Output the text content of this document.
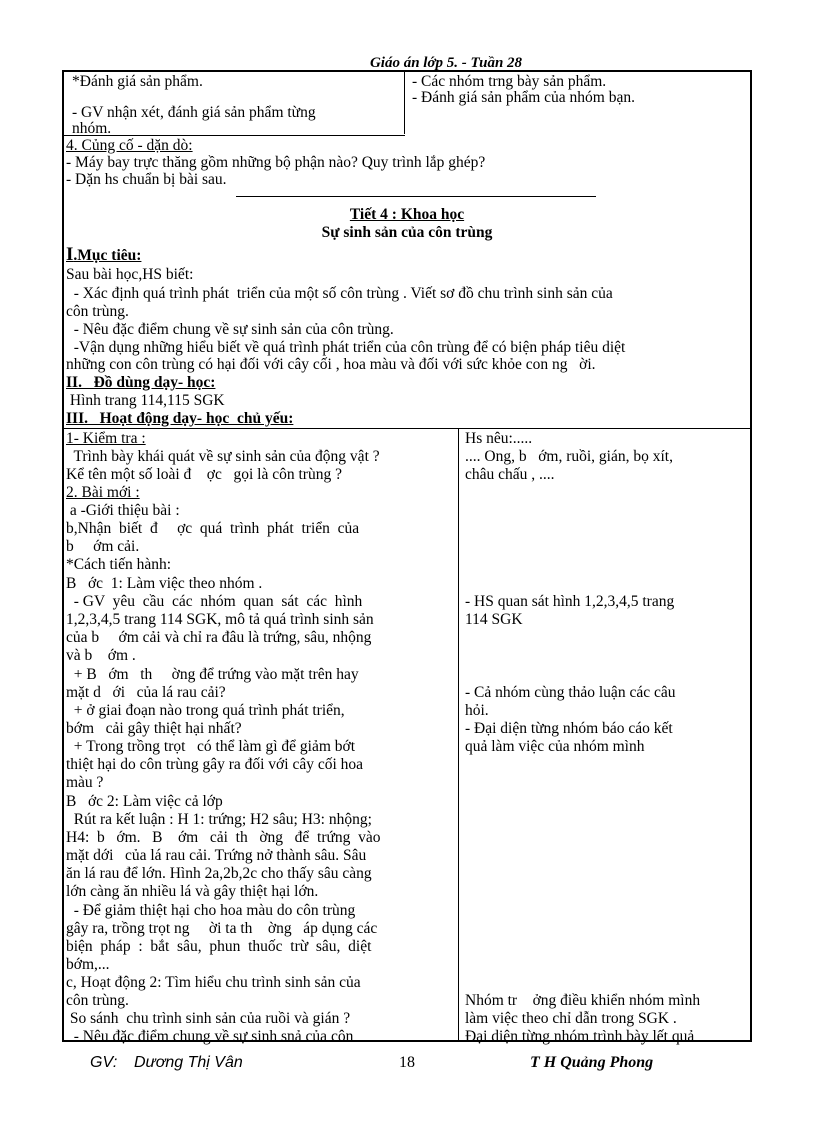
Giáo án lớp 5. - Tuần 28
*Đánh giá sản phẩm.
- GV nhận xét, đánh giá sản phẩm từng
nhóm.
- Các nhóm trng bày sản phẩm.
- Đánh giá sản phẩm của nhóm bạn.
4. Củng cố - dặn dò:
- Máy bay trực thăng gồm những bộ phận nào? Quy trình lắp ghép?
- Dặn hs chuẩn bị bài sau.
Tiết 4 : Khoa học
Sự sinh sản của côn trùng
I.Mục tiêu:
Sau bài học,HS biết:
- Xác định quá trình phát  triển của một số côn trùng . Viết sơ đồ chu trình sinh sản của
côn trùng.
- Nêu đặc điểm chung về sự sinh sản của côn trùng.
-Vận dụng những hiểu biết về quá trình phát triển của côn trùng để có biện pháp tiêu diệt
những con côn trùng có hại đối với cây cối , hoa màu và đối với sức khỏe con ng   ời.
II.   Đồ dùng dạy- học:
Hình trang 114,115 SGK
III.   Hoạt động dạy- học  chủ yếu:
1- Kiểm tra :
Trình bày khái quát về sự sinh sản của động vật ?
Kể tên một số loài đ    ợc   gọi là côn trùng ?
2. Bài mới :
a -Giới thiệu bài :
b,Nhận  biết  đ     ợc  quá  trình  phát  triển  của
b     ớm cải.
*Cách tiến hành:
B   ớc  1: Làm việc theo nhóm .
- GV  yêu  cầu  các  nhóm  quan  sát  các  hình
1,2,3,4,5 trang 114 SGK, mô tả quá trình sinh sản
của b     ớm cải và chỉ ra đâu là trứng, sâu, nhộng
và b    ớm .
+ B   ớm   th     ờng để trứng vào mặt trên hay
mặt d   ới   của lá rau cải?
+ ở giai đoạn nào trong quá trình phát triển,
bớm   cải gây thiệt hại nhất?
+ Trong trồng trọt   có thể làm gì để giảm bớt
thiệt hại do côn trùng gây ra đối với cây cối hoa
màu ?
B   ớc 2: Làm việc cả lớp
Rút ra kết luận : H 1: trứng; H2 sâu; H3: nhộng;
H4:  b   ớm.   B    ớm   cải  th   ờng   để  trứng  vào
mặt dới   của lá rau cải. Trứng nở thành sâu. Sâu
ăn lá rau để lớn. Hình 2a,2b,2c cho thấy sâu càng
lớn càng ăn nhiều lá và gây thiệt hại lớn.
- Để giảm thiệt hại cho hoa màu do côn trùng
gây ra, trồng trọt ng     ời ta th    ờng   áp dụng các
biện  pháp  :  bắt  sâu,  phun  thuốc  trừ  sâu,  diệt
bớm,...
c, Hoạt động 2: Tìm hiểu chu trình sinh sản của
côn trùng.
So sánh  chu trình sinh sản của ruồi và gián ?
- Nêu đặc điểm chung về sự sinh snả của côn
Hs nêu:.....
.... Ong, b   ớm, ruồi, gián, bọ xít,
châu chấu , ....
- HS quan sát hình 1,2,3,4,5 trang
114 SGK
- Cả nhóm cùng thảo luận các câu
hỏi.
- Đại diện từng nhóm báo cáo kết
quả làm việc của nhóm mình
Nhóm tr    ởng điều khiển nhóm mình
làm việc theo chỉ dẫn trong SGK .
Đại diện từng nhóm trình bày lết quả
GV: Dương Thị Vân	18	T H Quảng Phong
